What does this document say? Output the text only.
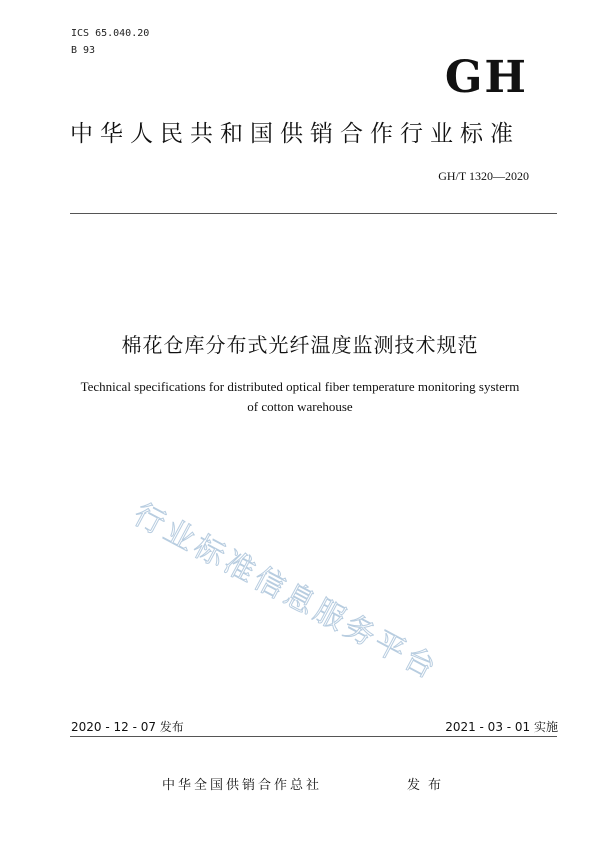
ICS 65.040.20
B 93
GH
中华人民共和国供销合作行业标准
GH/T 1320—2020
棉花仓库分布式光纤温度监测技术规范
Technical specifications for distributed optical fiber temperature monitoring systerm
of cotton warehouse
行业标准信息服务平台
2020 - 12 - 07 发布	2021 - 03 - 01 实施
中华全国供销合作总社	发布
